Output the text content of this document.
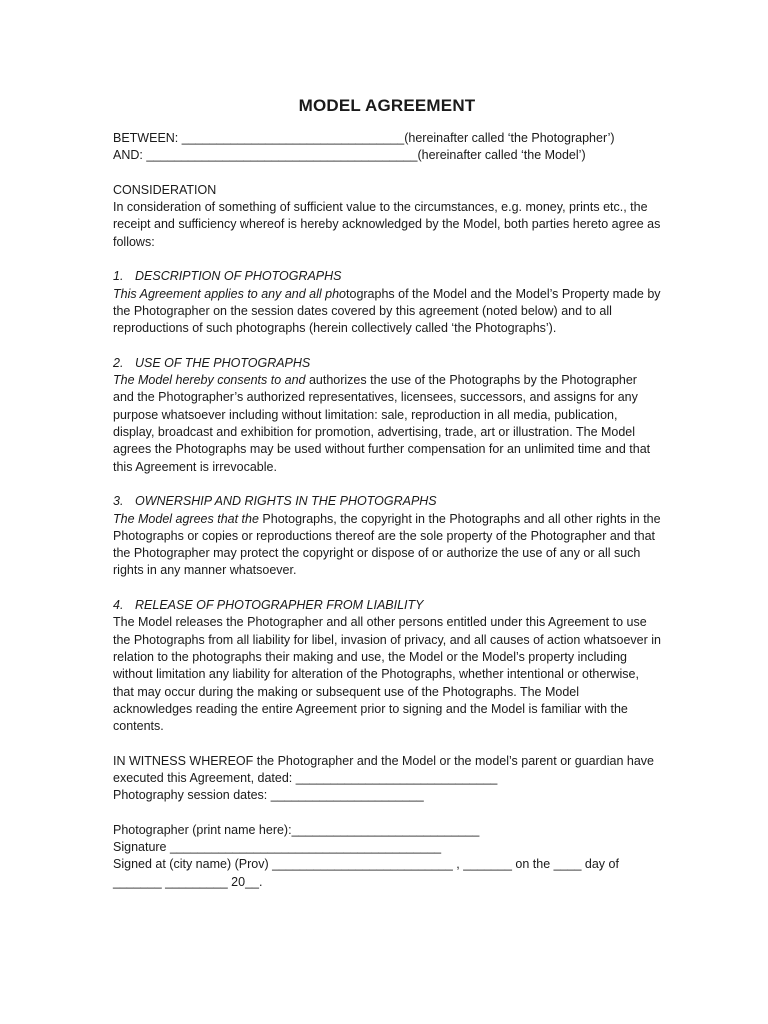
MODEL AGREEMENT

BETWEEN: ________________________________(hereinafter called ‘the Photographer’)

AND: _______________________________________(hereinafter called ‘the Model’)

CONSIDERATION

In consideration of something of sufficient value to the circumstances, e.g. money, prints etc., the receipt and sufficiency whereof is hereby acknowledged by the Model, both parties hereto agree as follows:

1. DESCRIPTION OF PHOTOGRAPHS

This Agreement applies to any and all photographs of the Model and the Model’s Property made by the Photographer on the session dates covered by this agreement (noted below) and to all reproductions of such photographs (herein collectively called ‘the Photographs’).

2. USE OF THE PHOTOGRAPHS

The Model hereby consents to and authorizes the use of the Photographs by the Photographer and the Photographer’s authorized representatives, licensees, successors, and assigns for any purpose whatsoever including without limitation: sale, reproduction in all media, publication, display, broadcast and exhibition for promotion, advertising, trade, art or illustration. The Model agrees the Photographs may be used without further compensation for an unlimited time and that this Agreement is irrevocable.

3. OWNERSHIP AND RIGHTS IN THE PHOTOGRAPHS

The Model agrees that the Photographs, the copyright in the Photographs and all other rights in the Photographs or copies or reproductions thereof are the sole property of the Photographer and that the Photographer may protect the copyright or dispose of or authorize the use of any or all such rights in any manner whatsoever.

4. RELEASE OF PHOTOGRAPHER FROM LIABILITY

The Model releases the Photographer and all other persons entitled under this Agreement to use the Photographs from all liability for libel, invasion of privacy, and all causes of action whatsoever in relation to the photographs their making and use, the Model or the Model’s property including without limitation any liability for alteration of the Photographs, whether intentional or otherwise, that may occur during the making or subsequent use of the Photographs. The Model acknowledges reading the entire Agreement prior to signing and the Model is familiar with the contents.

IN WITNESS WHEREOF the Photographer and the Model or the model’s parent or guardian have executed this Agreement, dated: _____________________________

Photography session dates: ______________________

Photographer (print name here):___________________________

Signature _______________________________________

Signed at (city name) (Prov) __________________________ , _______ on the ____ day of

_______ _________ 20__.
